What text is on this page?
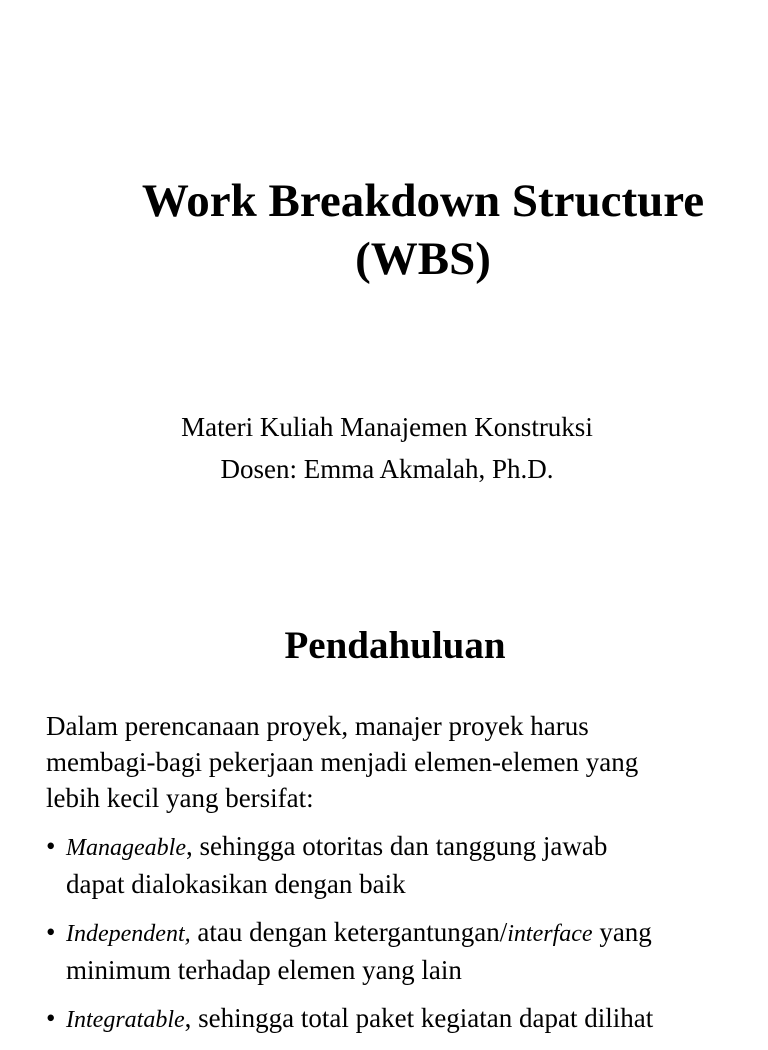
Work Breakdown Structure
(WBS)
Materi Kuliah Manajemen Konstruksi
Dosen: Emma Akmalah, Ph.D.
Pendahuluan
Dalam perencanaan proyek, manajer proyek harus
membagi-bagi pekerjaan menjadi elemen-elemen yang
lebih kecil yang bersifat:
• Manageable, sehingga otoritas dan tanggung jawab
dapat dialokasikan dengan baik
• Independent, atau dengan ketergantungan/interface yang
minimum terhadap elemen yang lain
• Integratable, sehingga total paket kegiatan dapat dilihat
